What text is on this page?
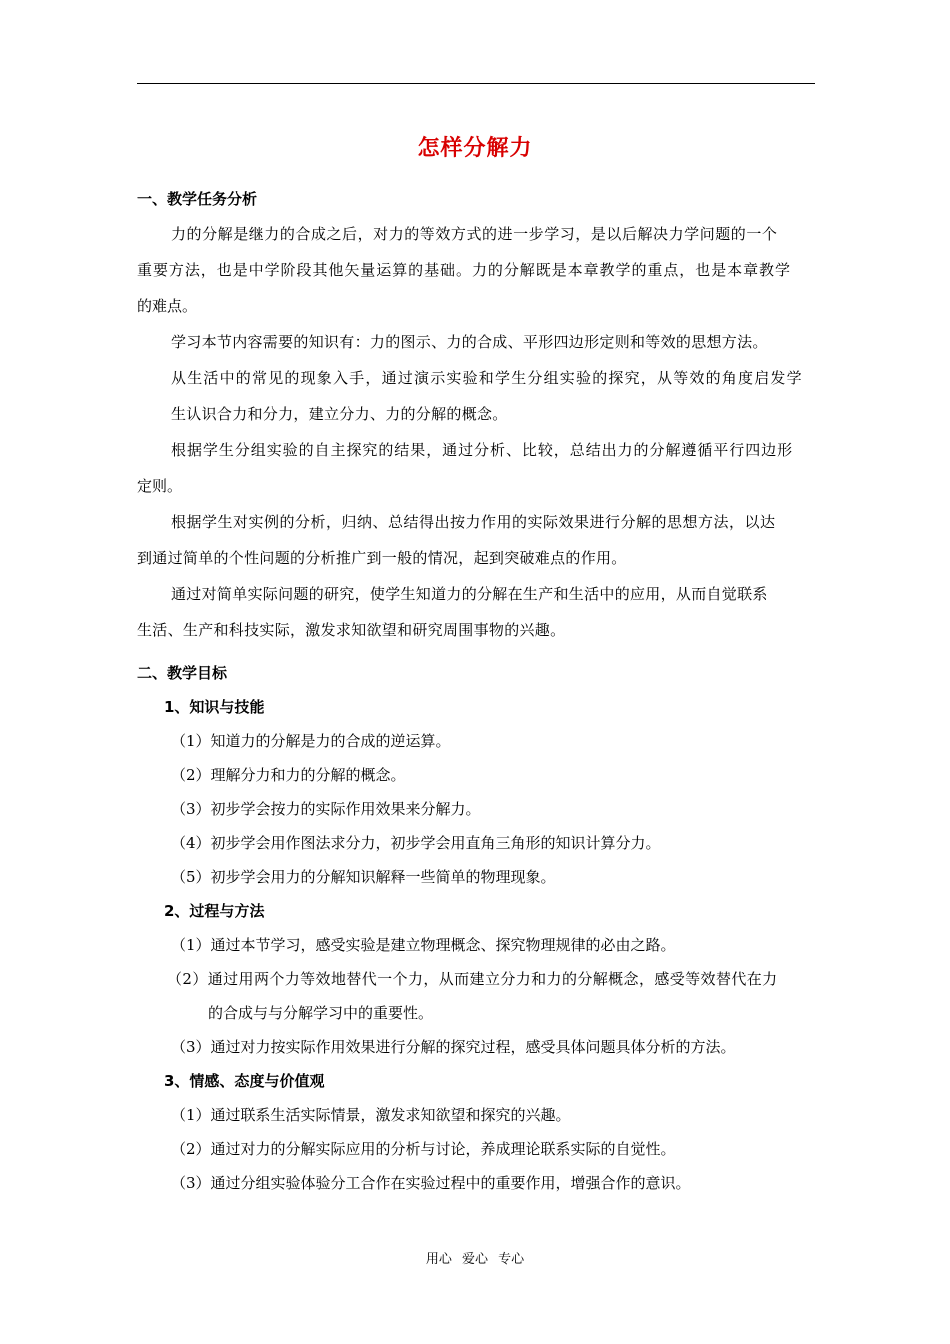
怎样分解力
一、教学任务分析
力的分解是继力的合成之后，对力的等效方式的进一步学习，是以后解决力学问题的一个
重要方法，也是中学阶段其他矢量运算的基础。力的分解既是本章教学的重点，也是本章教学
的难点。
学习本节内容需要的知识有：力的图示、力的合成、平形四边形定则和等效的思想方法。
从生活中的常见的现象入手，通过演示实验和学生分组实验的探究，从等效的角度启发学
生认识合力和分力，建立分力、力的分解的概念。
根据学生分组实验的自主探究的结果，通过分析、比较，总结出力的分解遵循平行四边形
定则。
根据学生对实例的分析，归纳、总结得出按力作用的实际效果进行分解的思想方法，以达
到通过简单的个性问题的分析推广到一般的情况，起到突破难点的作用。
通过对简单实际问题的研究，使学生知道力的分解在生产和生活中的应用，从而自觉联系
生活、生产和科技实际，激发求知欲望和研究周围事物的兴趣。
二、教学目标
1、知识与技能
（1）知道力的分解是力的合成的逆运算。
（2）理解分力和力的分解的概念。
（3）初步学会按力的实际作用效果来分解力。
（4）初步学会用作图法求分力，初步学会用直角三角形的知识计算分力。
（5）初步学会用力的分解知识解释一些简单的物理现象。
2、过程与方法
（1）通过本节学习，感受实验是建立物理概念、探究物理规律的必由之路。
（2）通过用两个力等效地替代一个力，从而建立分力和力的分解概念，感受等效替代在力
的合成与与分解学习中的重要性。
（3）通过对力按实际作用效果进行分解的探究过程，感受具体问题具体分析的方法。
3、情感、态度与价值观
（1）通过联系生活实际情景，激发求知欲望和探究的兴趣。
（2）通过对力的分解实际应用的分析与讨论，养成理论联系实际的自觉性。
（3）通过分组实验体验分工合作在实验过程中的重要作用，增强合作的意识。
用心 爱心 专心
